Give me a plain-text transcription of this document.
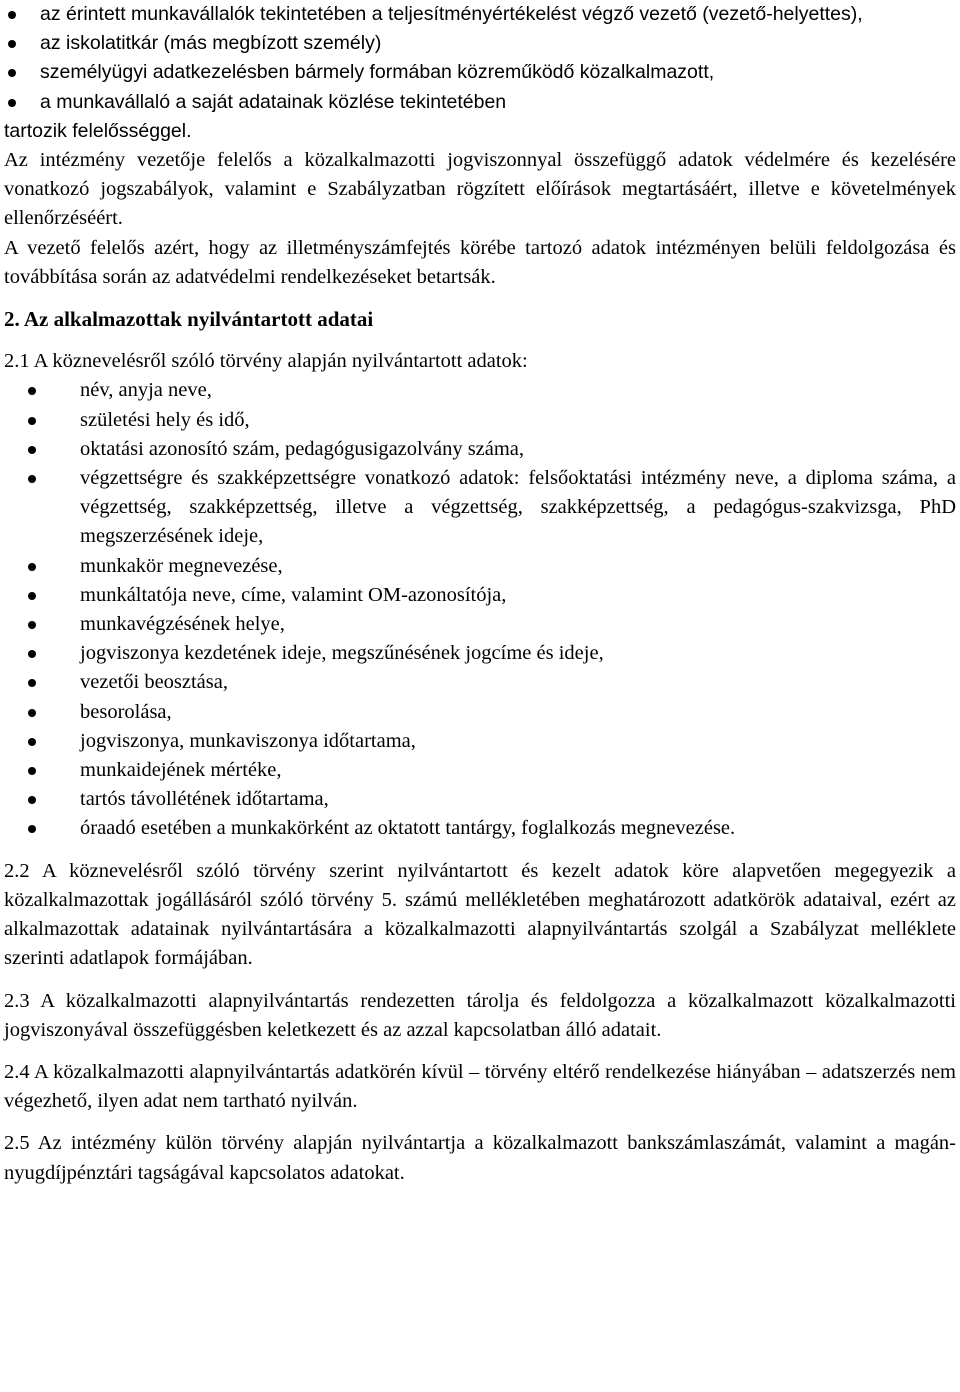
az érintett munkavállalók tekintetében a teljesítményértékelést végző vezető (vezető-helyettes),
az iskolatitkár (más megbízott személy)
személyügyi adatkezelésben bármely formában közreműködő közalkalmazott,
a munkavállaló a saját adatainak közlése tekintetében

tartozik felelősséggel.

Az intézmény vezetője felelős a közalkalmazotti jogviszonnyal összefüggő adatok védelmére és kezelésére vonatkozó jogszabályok, valamint e Szabályzatban rögzített előírások megtartásáért, illetve e követelmények ellenőrzéséért.

A vezető felelős azért, hogy az illetményszámfejtés körébe tartozó adatok intézményen belüli feldolgozása és továbbítása során az adatvédelmi rendelkezéseket betartsák.

2. Az alkalmazottak nyilvántartott adatai

2.1 A köznevelésről szóló törvény alapján nyilvántartott adatok:

név, anyja neve,
születési hely és idő,
oktatási azonosító szám, pedagógusigazolvány száma,
végzettségre és szakképzettségre vonatkozó adatok: felsőoktatási intézmény neve, a diploma száma, a végzettség, szakképzettség, illetve a végzettség, szakképzettség, a pedagógus-szakvizsga, PhD megszerzésének ideje,
munkakör megnevezése,
munkáltatója neve, címe, valamint OM-azonosítója,
munkavégzésének helye,
jogviszonya kezdetének ideje, megszűnésének jogcíme és ideje,
vezetői beosztása,
besorolása,
jogviszonya, munkaviszonya időtartama,
munkaidejének mértéke,
tartós távollétének időtartama,
óraadó esetében a munkakörként az oktatott tantárgy, foglalkozás megnevezése.

2.2 A köznevelésről szóló törvény szerint nyilvántartott és kezelt adatok köre alapvetően megegyezik a közalkalmazottak jogállásáról szóló törvény 5. számú mellékletében meghatározott adatkörök adataival, ezért az alkalmazottak adatainak nyilvántartására a közalkalmazotti alapnyilvántartás szolgál a Szabályzat melléklete szerinti adatlapok formájában.

2.3 A közalkalmazotti alapnyilvántartás rendezetten tárolja és feldolgozza a közalkalmazott közalkalmazotti jogviszonyával összefüggésben keletkezett és az azzal kapcsolatban álló adatait.

2.4 A közalkalmazotti alapnyilvántartás adatkörén kívül – törvény eltérő rendelkezése hiányában – adatszerzés nem végezhető, ilyen adat nem tartható nyilván.

2.5 Az intézmény külön törvény alapján nyilvántartja a közalkalmazott bankszámlaszámát, valamint a magán-nyugdíjpénztári tagságával kapcsolatos adatokat.
